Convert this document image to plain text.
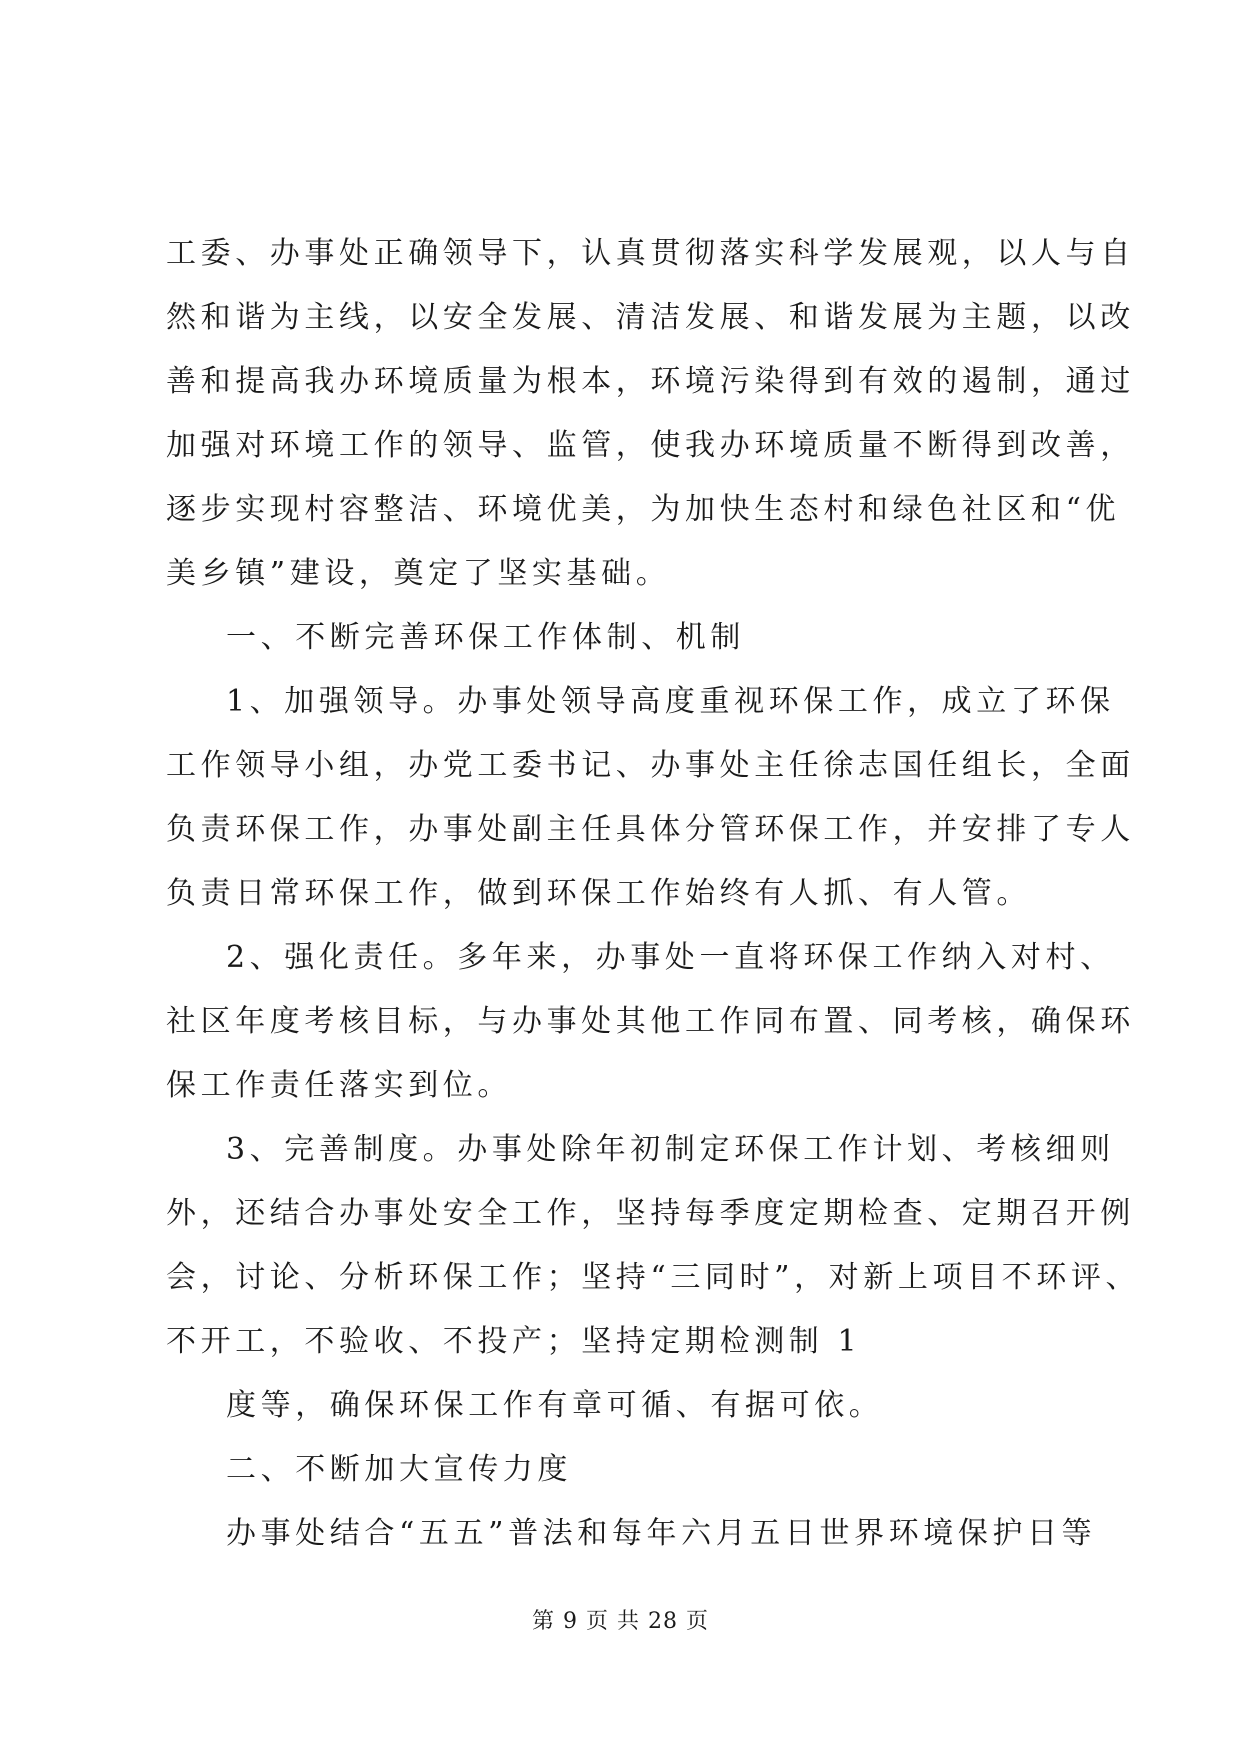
工委、办事处正确领导下，认真贯彻落实科学发展观，以人与自
然和谐为主线，以安全发展、清洁发展、和谐发展为主题，以改
善和提高我办环境质量为根本，环境污染得到有效的遏制，通过
加强对环境工作的领导、监管，使我办环境质量不断得到改善，
逐步实现村容整洁、环境优美，为加快生态村和绿色社区和“优
美乡镇”建设，奠定了坚实基础。
一、不断完善环保工作体制、机制
1、加强领导。办事处领导高度重视环保工作，成立了环保
工作领导小组，办党工委书记、办事处主任徐志国任组长，全面
负责环保工作，办事处副主任具体分管环保工作，并安排了专人
负责日常环保工作，做到环保工作始终有人抓、有人管。
2、强化责任。多年来，办事处一直将环保工作纳入对村、
社区年度考核目标，与办事处其他工作同布置、同考核，确保环
保工作责任落实到位。
3、完善制度。办事处除年初制定环保工作计划、考核细则
外，还结合办事处安全工作，坚持每季度定期检查、定期召开例
会，讨论、分析环保工作；坚持“三同时”，对新上项目不环评、
不开工，不验收、不投产；坚持定期检测制 1
度等，确保环保工作有章可循、有据可依。
二、不断加大宣传力度
办事处结合“五五”普法和每年六月五日世界环境保护日等
第 9 页 共 28 页
